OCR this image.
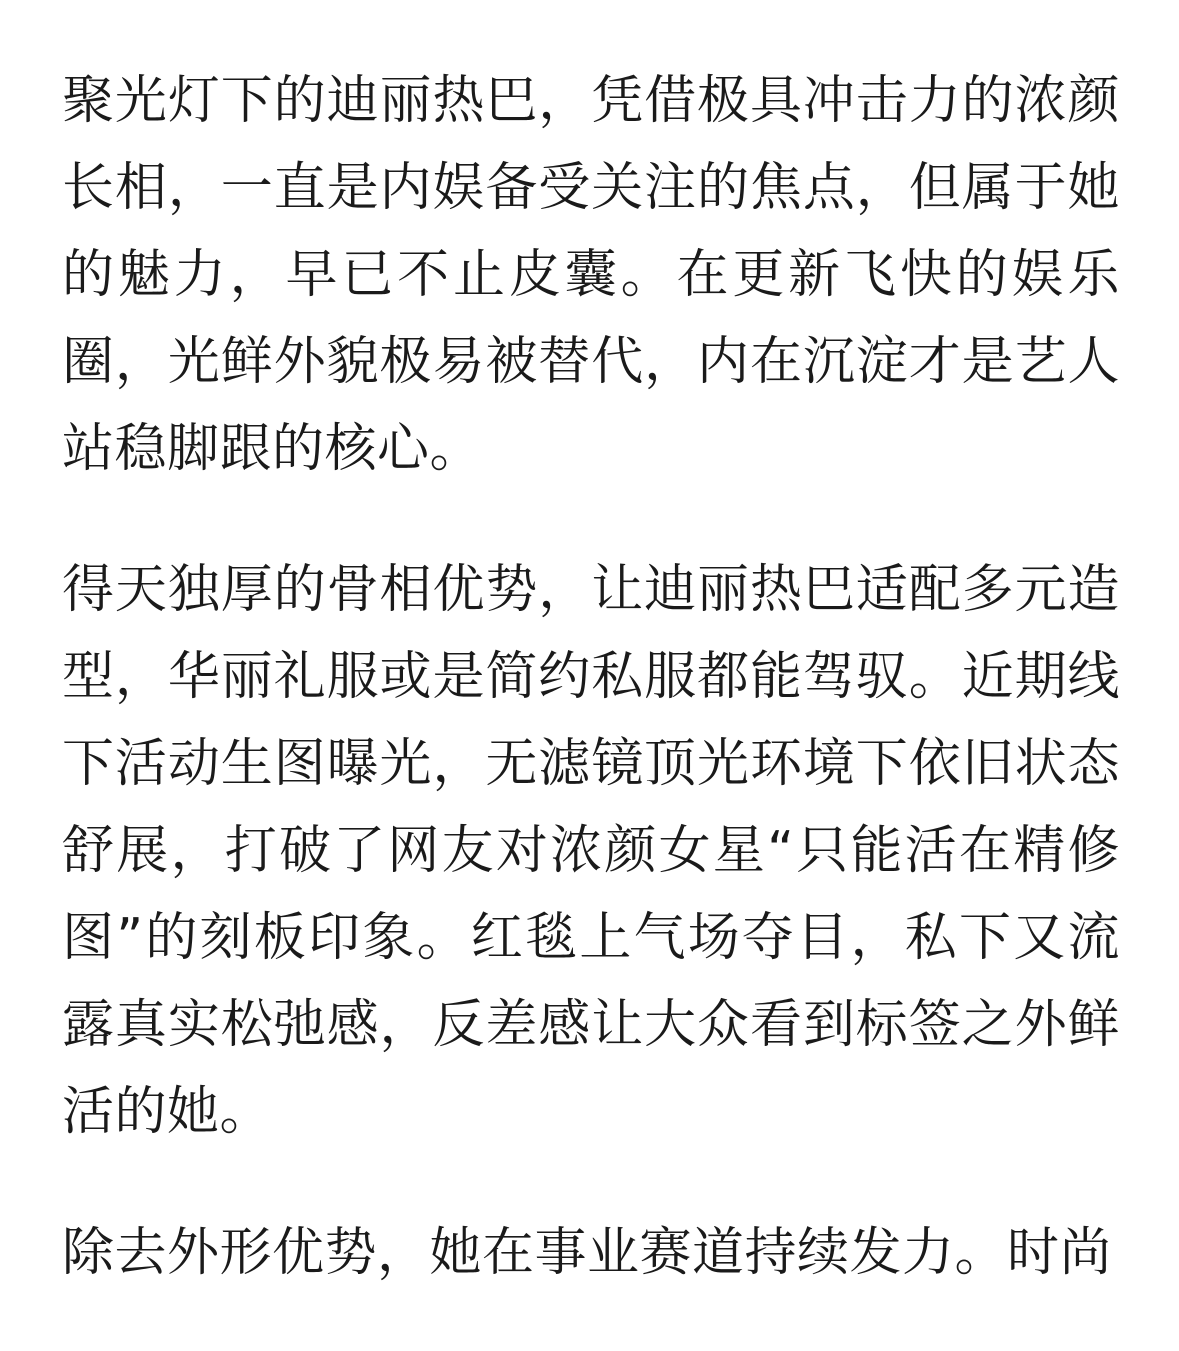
聚光灯下的迪丽热巴，凭借极具冲击力的浓颜长相，一直是内娱备受关注的焦点，但属于她的魅力，早已不止皮囊。在更新飞快的娱乐圈，光鲜外貌极易被替代，内在沉淀才是艺人站稳脚跟的核心。

得天独厚的骨相优势，让迪丽热巴适配多元造型，华丽礼服或是简约私服都能驾驭。近期线下活动生图曝光，无滤镜顶光环境下依旧状态舒展，打破了网友对浓颜女星“只能活在精修图”的刻板印象。红毯上气场夺目，私下又流露真实松弛感，反差感让大众看到标签之外鲜活的她。

除去外形优势，她在事业赛道持续发力。时尚
